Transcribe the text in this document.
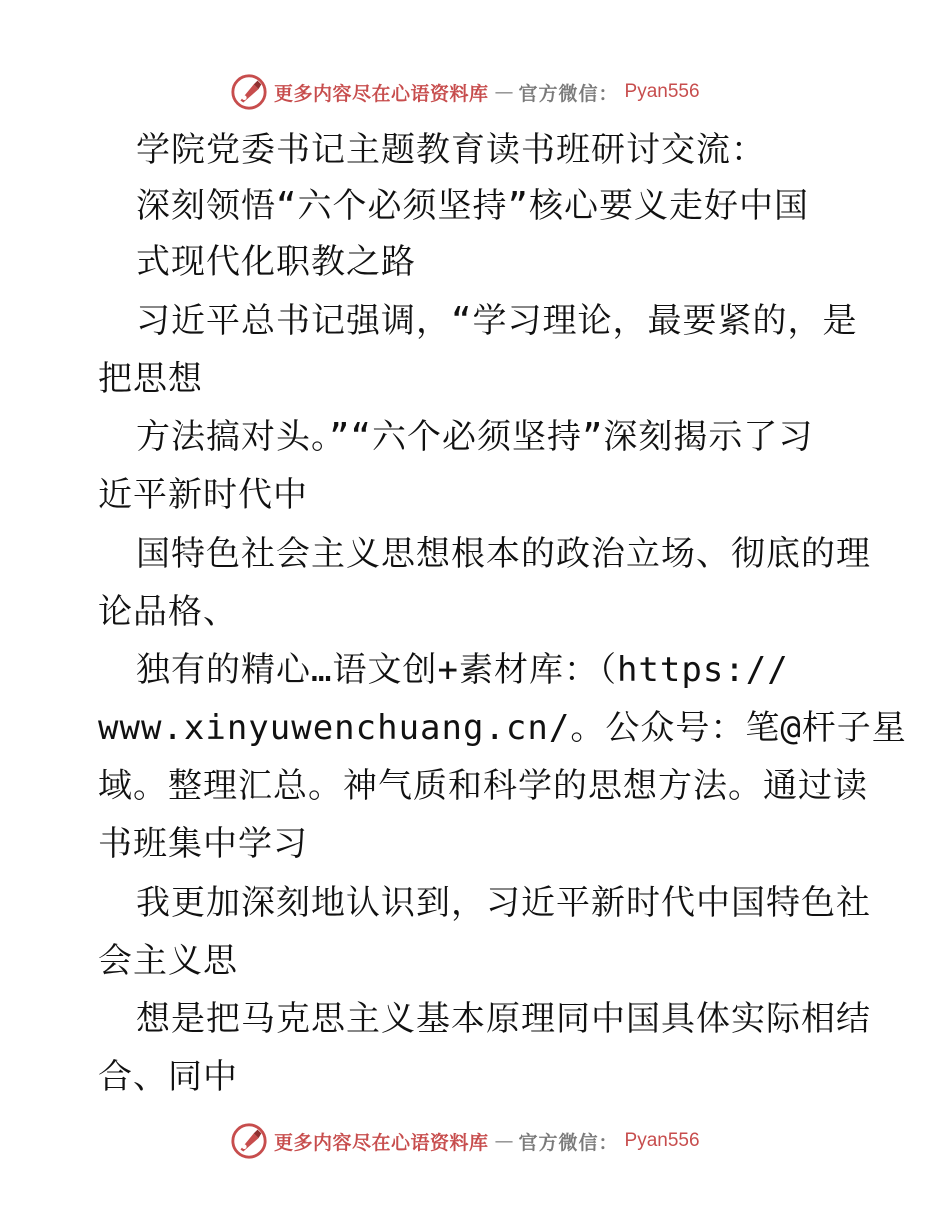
更多内容尽在心语资料库 — 官方微信： Pyan556

学院党委书记主题教育读书班研讨交流：

深刻领悟“六个必须坚持”核心要义走好中国

式现代化职教之路

习近平总书记强调，“学习理论，最要紧的，是

把思想

方法搞对头。”“六个必须坚持”深刻揭示了习

近平新时代中

国特色社会主义思想根本的政治立场、彻底的理

论品格、

独有的精心…语文创+素材库：（https://

www.xinyuwenchuang.cn/。公众号：笔@杆子星

域。整理汇总。神气质和科学的思想方法。通过读

书班集中学习

我更加深刻地认识到，习近平新时代中国特色社

会主义思

想是把马克思主义基本原理同中国具体实际相结

合、同中

更多内容尽在心语资料库 — 官方微信： Pyan556
